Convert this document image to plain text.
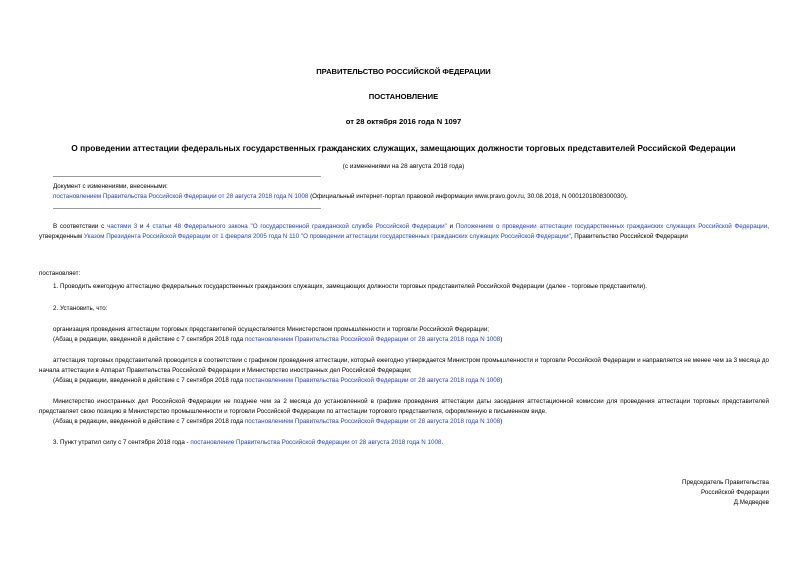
ПРАВИТЕЛЬСТВО РОССИЙСКОЙ ФЕДЕРАЦИИ
ПОСТАНОВЛЕНИЕ
от 28 октября 2016 года N 1097
О проведении аттестации федеральных государственных гражданских служащих, замещающих должности торговых представителей Российской Федерации
(с изменениями на 28 августа 2018 года)
Документ с изменениями, внесенными:
постановлением Правительства Российской Федерации от 28 августа 2018 года N 1008 (Официальный интернет-портал правовой информации www.pravo.gov.ru, 30.08.2018, N 0001201808300030).
В соответствии с частями 3 и 4 статьи 48 Федерального закона "О государственной гражданской службе Российской Федерации" и Положением о проведении аттестации государственных гражданских служащих Российской Федерации, утвержденным Указом Президента Российской Федерации от 1 февраля 2005 года N 110 "О проведении аттестации государственных гражданских служащих Российской Федерации", Правительство Российской Федерации
постановляет:
1. Проводить ежегодную аттестацию федеральных государственных гражданских служащих, замещающих должности торговых представителей Российской Федерации (далее - торговые представители).
2. Установить, что:
организация проведения аттестации торговых представителей осуществляется Министерством промышленности и торговли Российской Федерации;
(Абзац в редакции, введенной в действие с 7 сентября 2018 года постановлением Правительства Российской Федерации от 28 августа 2018 года N 1008)
аттестация торговых представителей проводится в соответствии с графиком проведения аттестации, который ежегодно утверждается Министром промышленности и торговли Российской Федерации и направляется не менее чем за 3 месяца до начала аттестации в Аппарат Правительства Российской Федерации и Министерство иностранных дел Российской Федерации;
(Абзац в редакции, введенной в действие с 7 сентября 2018 года постановлением Правительства Российской Федерации от 28 августа 2018 года N 1008)
Министерство иностранных дел Российской Федерации не позднее чем за 2 месяца до установленной в графике проведения аттестации даты заседания аттестационной комиссии для проведения аттестации торговых представителей представляет свою позицию в Министерство промышленности и торговли Российской Федерации по аттестации торгового представителя, оформленную в письменном виде.
(Абзац в редакции, введенной в действие с 7 сентября 2018 года постановлением Правительства Российской Федерации от 28 августа 2018 года N 1008)
3. Пункт утратил силу с 7 сентября 2018 года - постановление Правительства Российской Федерации от 28 августа 2018 года N 1008.
Председатель Правительства
Российской Федерации
Д.Медведев
